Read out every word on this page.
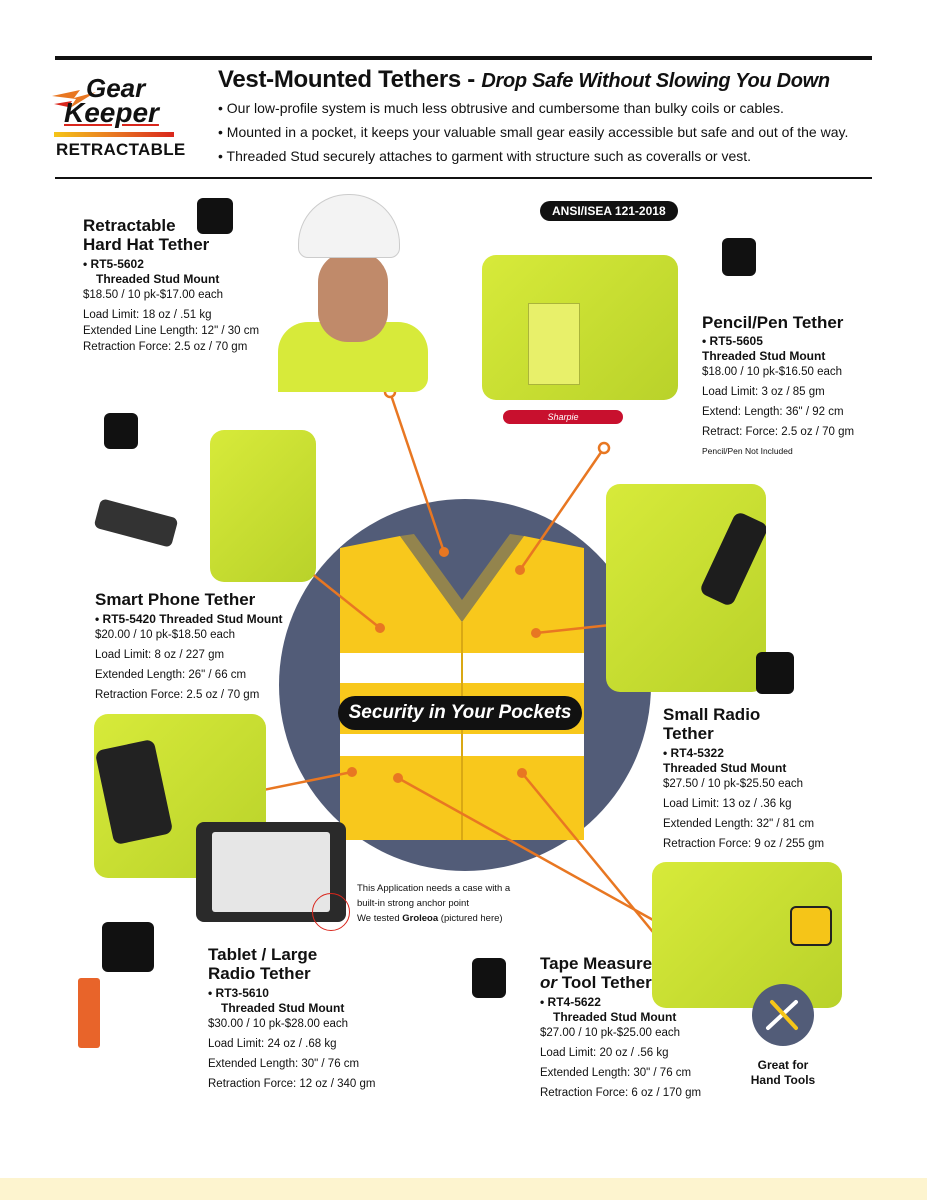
Gear
Keeper
RETRACTABLE
Vest-Mounted Tethers - Drop Safe Without Slowing You Down
• Our low-profile system is much less obtrusive and cumbersome than bulky coils or cables.
• Mounted in a pocket, it keeps your valuable small gear easily accessible but safe and out of the way.
• Threaded Stud securely attaches to garment with structure such as coveralls or vest.
Security in Your Pockets
ANSI/ISEA 121-2018
Sharpie
Great for
Hand Tools
Retractable
Hard Hat Tether
• RT5-5602
Threaded Stud Mount
$18.50 / 10 pk-$17.00 each
Load Limit: 18 oz / .51 kg
Extended Line Length: 12" / 30 cm
Retraction Force: 2.5 oz / 70 gm
Pencil/Pen Tether
• RT5-5605
Threaded Stud Mount
$18.00 / 10 pk-$16.50 each
Load Limit: 3 oz / 85 gm
Extend: Length: 36" / 92 cm
Retract: Force: 2.5 oz / 70 gm
Pencil/Pen Not Included
Smart Phone Tether
• RT5-5420 Threaded Stud Mount
$20.00 / 10 pk-$18.50 each
Load Limit: 8 oz / 227 gm
Extended Length: 26" / 66 cm
Retraction Force: 2.5 oz / 70 gm
Small Radio
Tether
• RT4-5322
Threaded Stud Mount
$27.50 / 10 pk-$25.50 each
Load Limit: 13 oz / .36 kg
Extended Length: 32" / 81 cm
Retraction Force: 9 oz / 255 gm
This Application needs a case with a
built-in strong anchor point
We tested Groleoa (pictured here)
Tablet / Large
Radio Tether
• RT3-5610
Threaded Stud Mount
$30.00 / 10 pk-$28.00 each
Load Limit: 24 oz / .68 kg
Extended Length: 30" / 76 cm
Retraction Force: 12 oz / 340 gm
Tape Measure
or Tool Tether
• RT4-5622
Threaded Stud Mount
$27.00 / 10 pk-$25.00 each
Load Limit: 20 oz / .56 kg
Extended Length: 30" / 76 cm
Retraction Force: 6 oz / 170 gm
